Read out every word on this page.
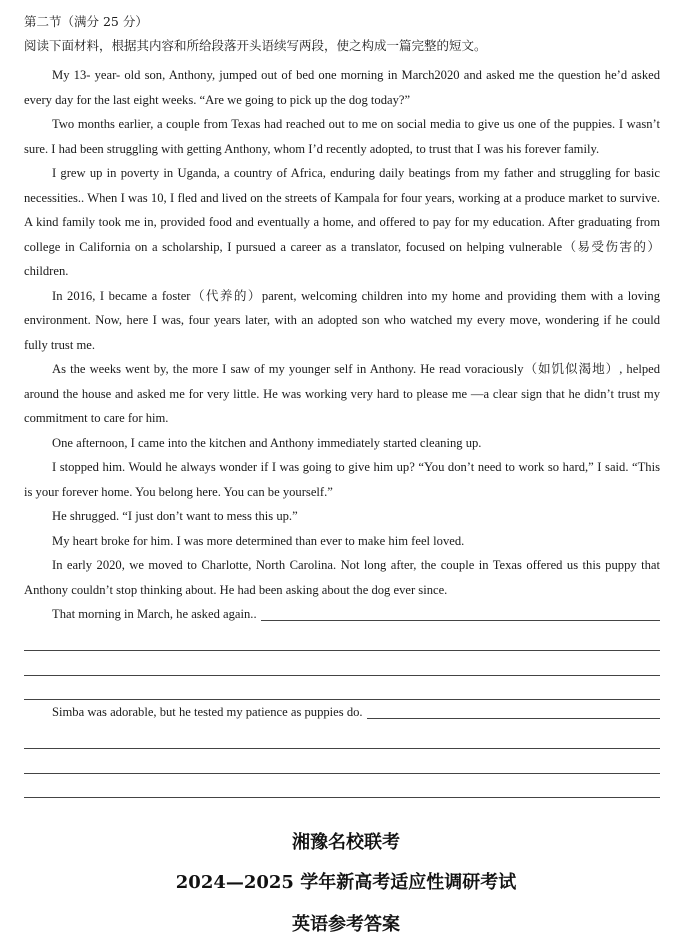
第二节（满分 25 分）
阅读下面材料，根据其内容和所给段落开头语续写两段，使之构成一篇完整的短文。

My 13- year- old son, Anthony, jumped out of bed one morning in March2020 and asked me the question he’d asked every day for the last eight weeks. “Are we going to pick up the dog today?”

Two months earlier, a couple from Texas had reached out to me on social media to give us one of the puppies. I wasn’t sure. I had been struggling with getting Anthony, whom I’d recently adopted, to trust that I was his forever family.

I grew up in poverty in Uganda, a country of Africa, enduring daily beatings from my father and struggling for basic necessities.. When I was 10, I fled and lived on the streets of Kampala for four years, working at a produce market to survive. A kind family took me in, provided food and eventually a home, and offered to pay for my education. After graduating from college in California on a scholarship, I pursued a career as a translator, focused on helping vulnerable（易受伤害的）children.

In 2016, I became a foster（代养的）parent, welcoming children into my home and providing them with a loving environment. Now, here I was, four years later, with an adopted son who watched my every move, wondering if he could fully trust me.

As the weeks went by, the more I saw of my younger self in Anthony. He read voraciously（如饥似渴地）, helped around the house and asked me for very little. He was working very hard to please me —a clear sign that he didn’t trust my commitment to care for him.

One afternoon, I came into the kitchen and Anthony immediately started cleaning up.

I stopped him. Would he always wonder if I was going to give him up? “You don’t need to work so hard,” I said. “This is your forever home. You belong here. You can be yourself.”

He shrugged. “I just don’t want to mess this up.”

My heart broke for him. I was more determined than ever to make him feel loved.

In early 2020, we moved to Charlotte, North Carolina. Not long after, the couple in Texas offered us this puppy that Anthony couldn’t stop thinking about. He had been asking about the dog ever since.

That morning in March, he asked again..
Simba was adorable, but he tested my patience as puppies do.
湘豫名校联考
2024—2025 学年新高考适应性调研考试
英语参考答案
